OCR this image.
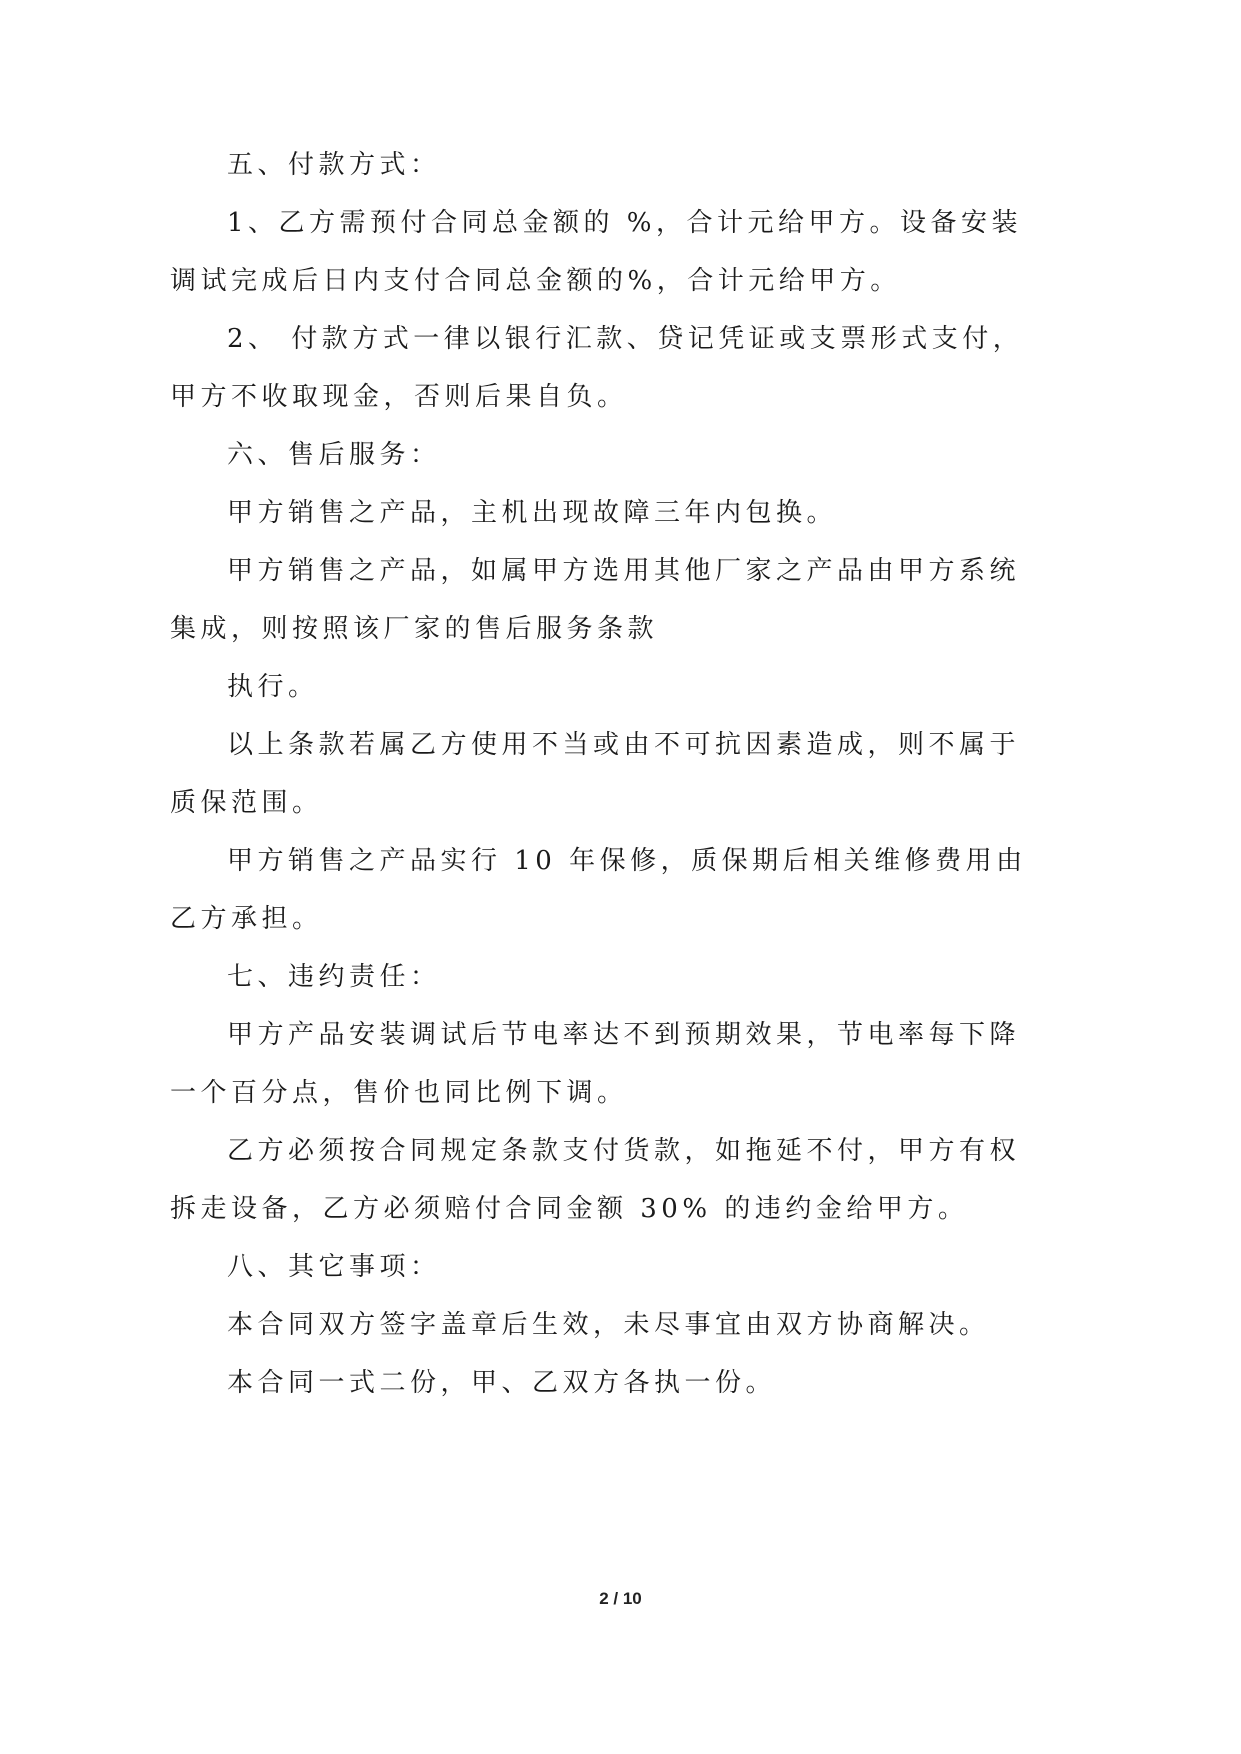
五、付款方式：
1、乙方需预付合同总金额的 %，合计元给甲方。设备安装
调试完成后日内支付合同总金额的%，合计元给甲方。
2、 付款方式一律以银行汇款、贷记凭证或支票形式支付，
甲方不收取现金，否则后果自负。
六、售后服务：
甲方销售之产品，主机出现故障三年内包换。
甲方销售之产品，如属甲方选用其他厂家之产品由甲方系统
集成，则按照该厂家的售后服务条款
执行。
以上条款若属乙方使用不当或由不可抗因素造成，则不属于
质保范围。
甲方销售之产品实行 10 年保修，质保期后相关维修费用由
乙方承担。
七、违约责任：
甲方产品安装调试后节电率达不到预期效果，节电率每下降
一个百分点，售价也同比例下调。
乙方必须按合同规定条款支付货款，如拖延不付，甲方有权
拆走设备，乙方必须赔付合同金额 30% 的违约金给甲方。
八、其它事项：
本合同双方签字盖章后生效，未尽事宜由双方协商解决。
本合同一式二份，甲、乙双方各执一份。
2 / 10
